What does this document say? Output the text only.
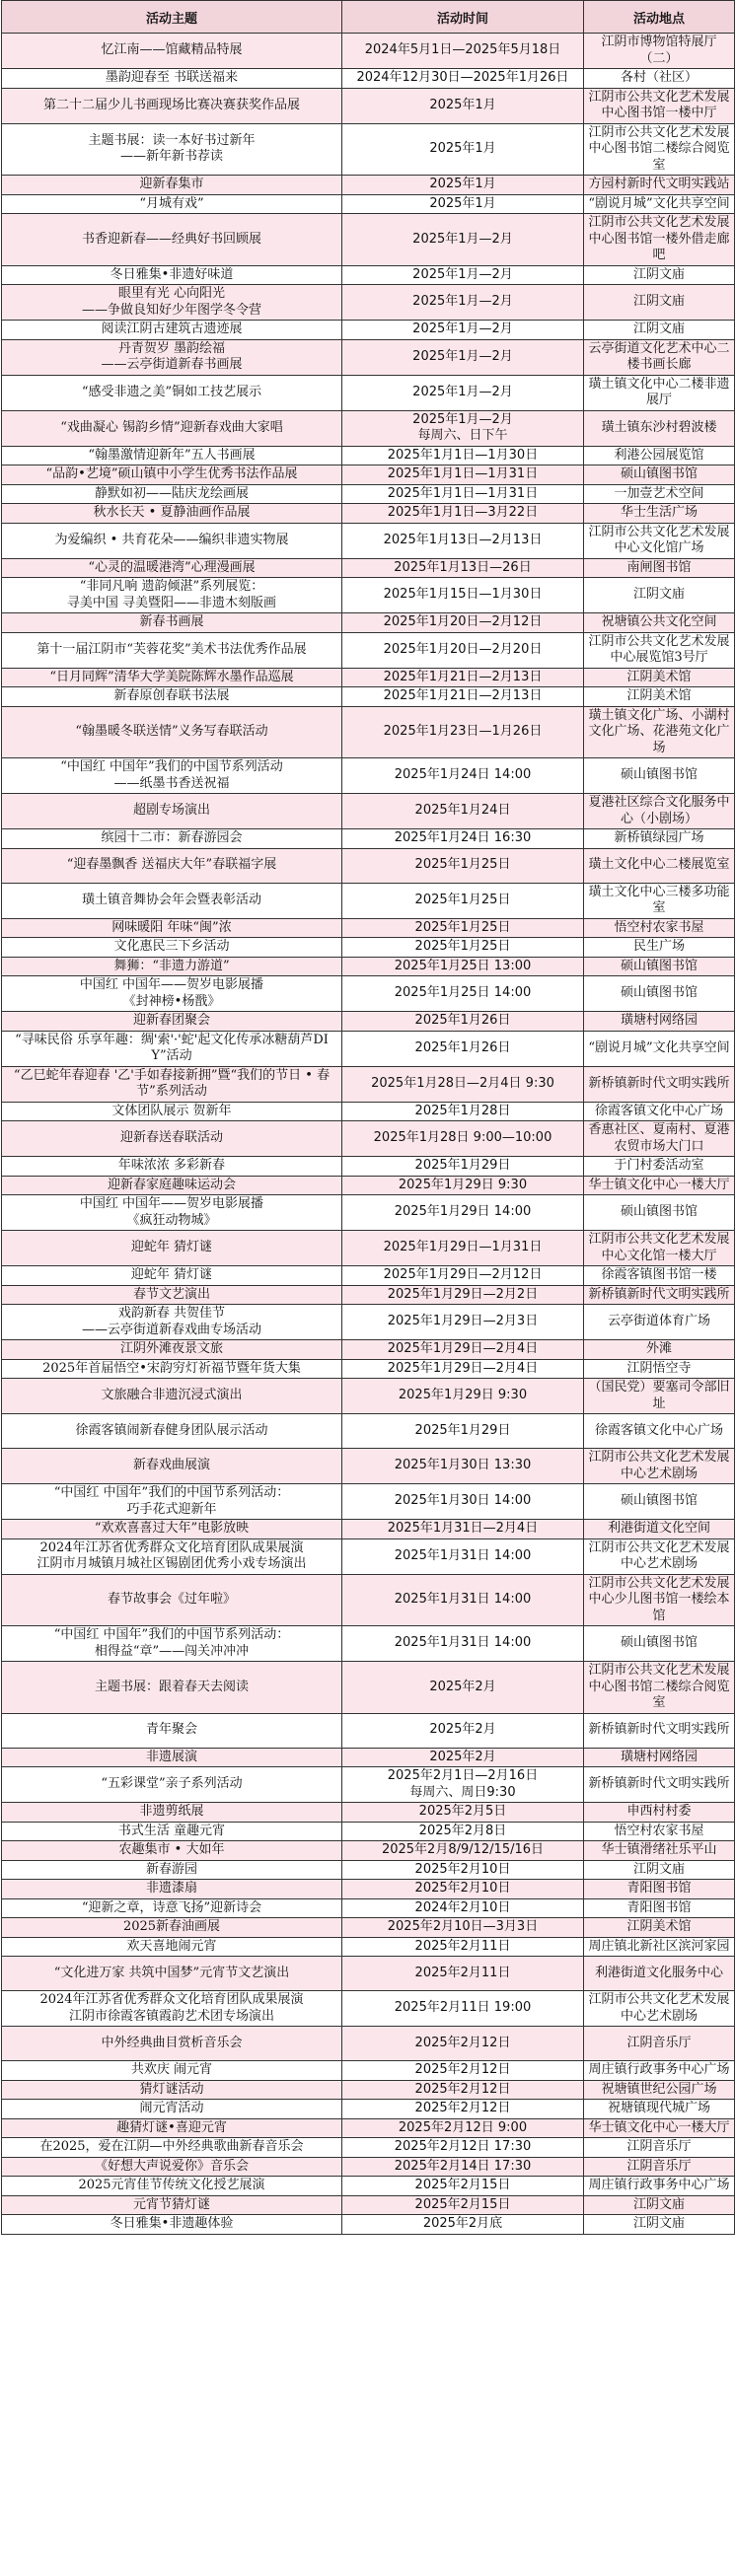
活动主题	活动时间	活动地点

忆江南——馆藏精品特展	2024年5月1日—2025年5月18日	江阴市博物馆特展厅（二）

墨韵迎春至 书联送福来	2024年12月30日—2025年1月26日	各村（社区）

第二十二届少儿书画现场比赛决赛获奖作品展	2025年1月	江阴市公共文化艺术发展中心图书馆一楼中厅

主题书展：读一本好书过新年
——新年新书荐读	2025年1月	江阴市公共文化艺术发展中心图书馆二楼综合阅览室

迎新春集市	2025年1月	方园村新时代文明实践站

“月城有戏”	2025年1月	“剧说月城”文化共享空间

书香迎新春——经典好书回顾展	2025年1月—2月	江阴市公共文化艺术发展中心图书馆一楼外借走廊吧

冬日雅集•非遗好味道	2025年1月—2月	江阴文庙

眼里有光 心向阳光
——争做良知好少年图学冬令营	2025年1月—2月	江阴文庙

阅读江阴古建筑古遗迹展	2025年1月—2月	江阴文庙

丹青贺岁 墨韵绘福
——云亭街道新春书画展	2025年1月—2月	云亭街道文化艺术中心二楼书画长廊

“感受非遗之美”铜如工技艺展示	2025年1月—2月	璜土镇文化中心二楼非遗展厅

“戏曲凝心 锡韵乡情”迎新春戏曲大家唱	2025年1月—2月
每周六、日下午	璜土镇东沙村碧波楼

“翰墨激情迎新年”五人书画展	2025年1月1日—1月30日	利港公园展览馆

“品韵•艺境”硕山镇中小学生优秀书法作品展	2025年1月1日—1月31日	硕山镇图书馆

静默如初——陆庆龙绘画展	2025年1月1日—1月31日	一加壹艺术空间

秋水长天 • 夏静油画作品展	2025年1月1日—3月22日	华士生活广场

为爱编织 • 共育花朵——编织非遗实物展	2025年1月13日—2月13日	江阴市公共文化艺术发展中心文化馆广场

“心灵的温暖港湾”心理漫画展	2025年1月13日—26日	南闸图书馆

“非同凡响 遗韵倾湛”系列展览：
寻美中国 寻美暨阳——非遗木刻版画	2025年1月15日—1月30日	江阴文庙

新春书画展	2025年1月20日—2月12日	祝塘镇公共文化空间

第十一届江阴市“芙蓉花奖”美术书法优秀作品展	2025年1月20日—2月20日	江阴市公共文化艺术发展中心展览馆3号厅

“日月同辉”清华大学美院陈辉水墨作品巡展	2025年1月21日—2月13日	江阴美术馆

新春原创春联书法展	2025年1月21日—2月13日	江阴美术馆

“翰墨暖冬联送情”义务写春联活动	2025年1月23日—1月26日	璜土镇文化广场、小湖村文化广场、花港苑文化广场

“中国红 中国年”我们的中国节系列活动
——纸墨书香送祝福	2025年1月24日 14:00	硕山镇图书馆

超剧专场演出	2025年1月24日	夏港社区综合文化服务中心（小剧场）

缤园十二市：新春游园会	2025年1月24日 16:30	新桥镇绿园广场

“迎春墨飘香 送福庆大年”春联福字展	2025年1月25日	璜土文化中心二楼展览室

璜土镇音舞协会年会暨表彰活动	2025年1月25日	璜土文化中心三楼多功能室

网味暖阳 年味“闽”浓	2025年1月25日	悟空村农家书屋

文化惠民三下乡活动	2025年1月25日	民生广场

舞狮：“非遗力游道”	2025年1月25日 13:00	硕山镇图书馆

中国红 中国年——贺岁电影展播
《封神榜•杨戬》	2025年1月25日 14:00	硕山镇图书馆

迎新春团聚会	2025年1月26日	璜塘村网络园

“寻味民俗 乐享年趣：绸'索'·'蛇'起文化传承冰糖葫芦DIY”活动	2025年1月26日	“剧说月城”文化共享空间

“乙巳蛇年春迎春 '乙'手如春接新拥”暨“我们的节日 • 春节”系列活动	2025年1月28日—2月4日 9:30	新桥镇新时代文明实践所

文体团队展示 贺新年	2025年1月28日	徐霞客镇文化中心广场

迎新春送春联活动	2025年1月28日 9:00—10:00	香惠社区、夏南村、夏港农贸市场大门口

年味浓浓 多彩新春	2025年1月29日	于门村委活动室

迎新春家庭趣味运动会	2025年1月29日 9:30	华士镇文化中心一楼大厅

中国红 中国年——贺岁电影展播
《疯狂动物城》	2025年1月29日 14:00	硕山镇图书馆

迎蛇年 猜灯谜	2025年1月29日—1月31日	江阴市公共文化艺术发展中心文化馆一楼大厅

迎蛇年 猜灯谜	2025年1月29日—2月12日	徐霞客镇图书馆一楼

春节文艺演出	2025年1月29日—2月2日	新桥镇新时代文明实践所

戏韵新春 共贺佳节
——云亭街道新春戏曲专场活动	2025年1月29日—2月3日	云亭街道体育广场

江阴外滩夜景文旅	2025年1月29日—2月4日	外滩

2025年首届悟空•宋韵穷灯祈福节暨年货大集	2025年1月29日—2月4日	江阴悟空寺

文旅融合非遗沉浸式演出	2025年1月29日 9:30	（国民党）要塞司令部旧址

徐霞客镇闹新春健身团队展示活动	2025年1月29日	徐霞客镇文化中心广场

新春戏曲展演	2025年1月30日 13:30	江阴市公共文化艺术发展中心艺术剧场

“中国红 中国年”我们的中国节系列活动：
巧手花式迎新年	2025年1月30日 14:00	硕山镇图书馆

“欢欢喜喜过大年”电影放映	2025年1月31日—2月4日	利港街道文化空间

2024年江苏省优秀群众文化培育团队成果展演
江阴市月城镇月城社区锡剧团优秀小戏专场演出	2025年1月31日 14:00	江阴市公共文化艺术发展中心艺术剧场

春节故事会《过年啦》	2025年1月31日 14:00	江阴市公共文化艺术发展中心少儿图书馆一楼绘本馆

“中国红 中国年”我们的中国节系列活动：
相得益“章”——闯关冲冲冲	2025年1月31日 14:00	硕山镇图书馆

主题书展：跟着春天去阅读	2025年2月	江阴市公共文化艺术发展中心图书馆二楼综合阅览室

青年聚会	2025年2月	新桥镇新时代文明实践所

非遗展演	2025年2月	璜塘村网络园

“五彩课堂”亲子系列活动	2025年2月1日—2月16日
每周六、周日9:30	新桥镇新时代文明实践所

非遗剪纸展	2025年2月5日	申西村村委

书式生活 童趣元宵	2025年2月8日	悟空村农家书屋

农趣集市 • 大如年	2025年2月8/9/12/15/16日	华士镇滑绪社乐平山

新春游园	2025年2月10日	江阴文庙

非遗漆扇	2025年2月10日	青阳图书馆

“迎新之章，诗意飞扬”迎新诗会	2024年2月10日	青阳图书馆

2025新春油画展	2025年2月10日—3月3日	江阴美术馆

欢天喜地闹元宵	2025年2月11日	周庄镇北新社区滨河家园

“文化进万家 共筑中国梦”元宵节文艺演出	2025年2月11日	利港街道文化服务中心

2024年江苏省优秀群众文化培育团队成果展演
江阴市徐霞客镇霞韵艺术团专场演出	2025年2月11日 19:00	江阴市公共文化艺术发展中心艺术剧场

中外经典曲目赏析音乐会	2025年2月12日	江阴音乐厅

共欢庆 闹元宵	2025年2月12日	周庄镇行政事务中心广场

猜灯谜活动	2025年2月12日	祝塘镇世纪公园广场

闹元宵活动	2025年2月12日	祝塘镇现代城广场

趣猜灯谜•喜迎元宵	2025年2月12日 9:00	华士镇文化中心一楼大厅

在2025，爱在江阴—中外经典歌曲新春音乐会	2025年2月12日 17:30	江阴音乐厅

《好想大声说爱你》音乐会	2025年2月14日 17:30	江阴音乐厅

2025元宵佳节传统文化授艺展演	2025年2月15日	周庄镇行政事务中心广场

元宵节猜灯谜	2025年2月15日	江阴文庙

冬日雅集•非遗趣体验	2025年2月底	江阴文庙
